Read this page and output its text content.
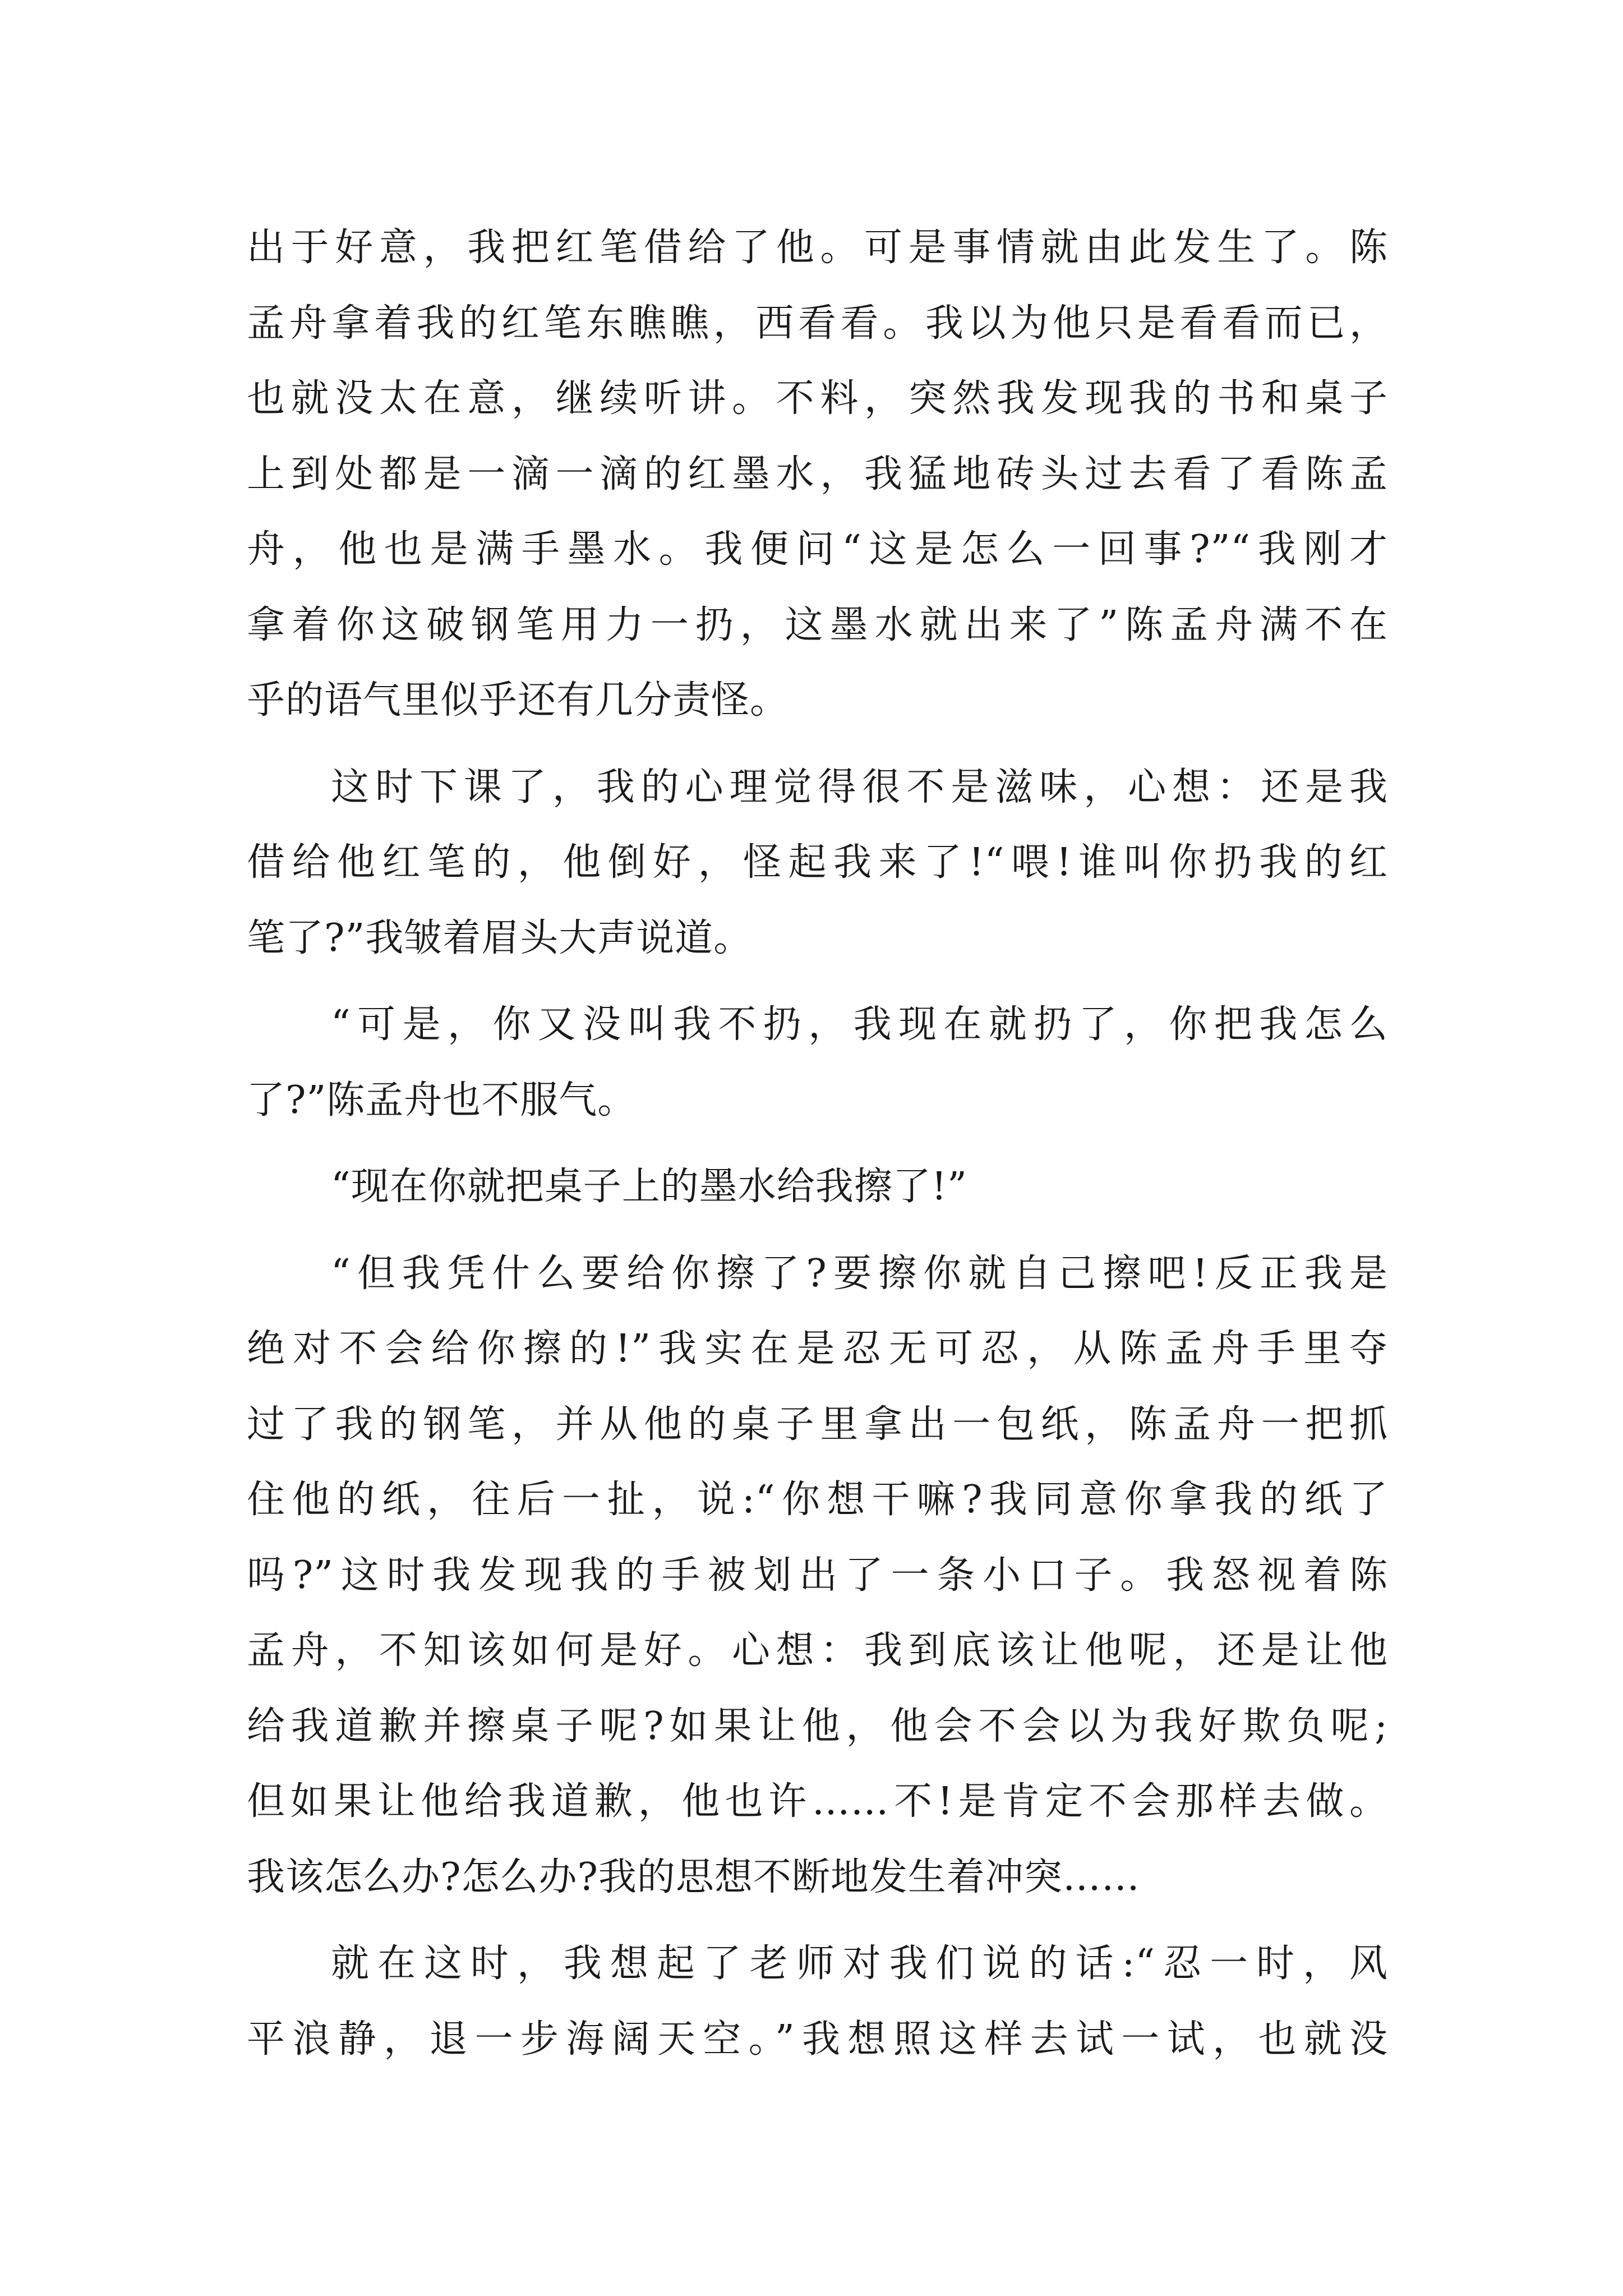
出于好意，我把红笔借给了他。可是事情就由此发生了。陈
孟舟拿着我的红笔东瞧瞧，西看看。我以为他只是看看而已，
也就没太在意，继续听讲。不料，突然我发现我的书和桌子
上到处都是一滴一滴的红墨水，我猛地砖头过去看了看陈孟
舟，他也是满手墨水。我便问“这是怎么一回事?”“我刚才
拿着你这破钢笔用力一扔，这墨水就出来了”陈孟舟满不在
乎的语气里似乎还有几分责怪。
这时下课了，我的心理觉得很不是滋味，心想：还是我
借给他红笔的，他倒好，怪起我来了!“喂!谁叫你扔我的红
笔了?”我皱着眉头大声说道。
“可是，你又没叫我不扔，我现在就扔了，你把我怎么
了?”陈孟舟也不服气。
“现在你就把桌子上的墨水给我擦了!”
“但我凭什么要给你擦了?要擦你就自己擦吧!反正我是
绝对不会给你擦的!”我实在是忍无可忍，从陈孟舟手里夺
过了我的钢笔，并从他的桌子里拿出一包纸，陈孟舟一把抓
住他的纸，往后一扯，说:“你想干嘛?我同意你拿我的纸了
吗?”这时我发现我的手被划出了一条小口子。我怒视着陈
孟舟，不知该如何是好。心想：我到底该让他呢，还是让他
给我道歉并擦桌子呢?如果让他，他会不会以为我好欺负呢;
但如果让他给我道歉，他也许……不!是肯定不会那样去做。
我该怎么办?怎么办?我的思想不断地发生着冲突……
就在这时，我想起了老师对我们说的话:“忍一时，风
平浪静，退一步海阔天空。”我想照这样去试一试，也就没
